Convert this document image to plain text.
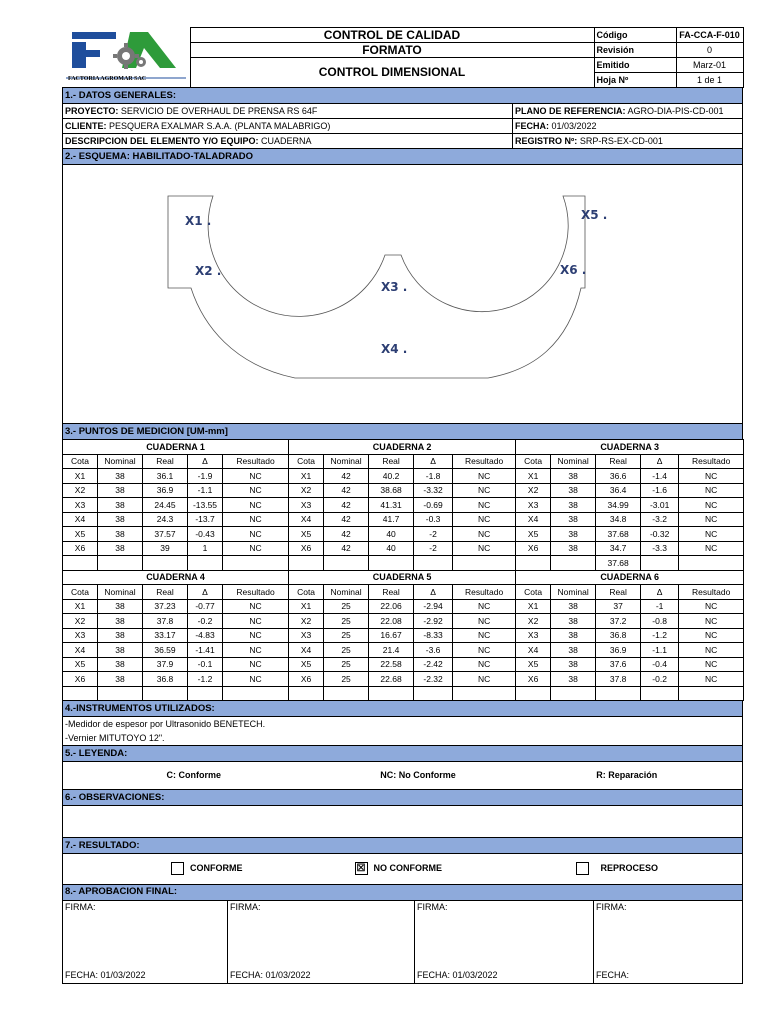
FACTORIA AGROMAR SAC	CONTROL DE CALIDAD	Código	FA-CCA-F-010
	FORMATO	Revisión	0
	CONTROL DIMENSIONAL	Emitido	Marz-01
		Hoja Nº	1 de 1
1.- DATOS GENERALES:	
PROYECTO: SERVICIO DE OVERHAUL DE PRENSA RS 64F	PLANO DE REFERENCIA: AGRO-DIA-PIS-CD-001
CLIENTE: PESQUERA EXALMAR S.A.A. (PLANTA MALABRIGO)	FECHA: 01/03/2022
DESCRIPCION DEL ELEMENTO Y/O EQUIPO: CUADERNA	REGISTRO Nº: SRP-RS-EX-CD-001
2.- ESQUEMA: HABILITADO-TALADRADO

X1 .
X2 .
X3 .
X4 .
X5 .
X6 .
3.- PUNTOS DE MEDICION [UM-mm]
CUADERNA 1					CUADERNA 2					CUADERNA 3				
Cota	Nominal	Real	Δ	Resultado	Cota	Nominal	Real	Δ	Resultado	Cota	Nominal	Real	Δ	Resultado
X1	38	36.1	-1.9	NC	X1	42	40.2	-1.8	NC	X1	38	36.6	-1.4	NC
X2	38	36.9	-1.1	NC	X2	42	38.68	-3.32	NC	X2	38	36.4	-1.6	NC
X3	38	24.45	-13.55	NC	X3	42	41.31	-0.69	NC	X3	38	34.99	-3.01	NC
X4	38	24.3	-13.7	NC	X4	42	41.7	-0.3	NC	X4	38	34.8	-3.2	NC
X5	38	37.57	-0.43	NC	X5	42	40	-2	NC	X5	38	37.68	-0.32	NC
X6	38	39	1	NC	X6	42	40	-2	NC	X6	38	34.7	-3.3	NC
												37.68		
CUADERNA 4					CUADERNA 5					CUADERNA 6				
Cota	Nominal	Real	Δ	Resultado	Cota	Nominal	Real	Δ	Resultado	Cota	Nominal	Real	Δ	Resultado
X1	38	37.23	-0.77	NC	X1	25	22.06	-2.94	NC	X1	38	37	-1	NC
X2	38	37.8	-0.2	NC	X2	25	22.08	-2.92	NC	X2	38	37.2	-0.8	NC
X3	38	33.17	-4.83	NC	X3	25	16.67	-8.33	NC	X3	38	36.8	-1.2	NC
X4	38	36.59	-1.41	NC	X4	25	21.4	-3.6	NC	X4	38	36.9	-1.1	NC
X5	38	37.9	-0.1	NC	X5	25	22.58	-2.42	NC	X5	38	37.6	-0.4	NC
X6	38	36.8	-1.2	NC	X6	25	22.68	-2.32	NC	X6	38	37.8	-0.2	NC

4.-INSTRUMENTOS UTILIZADOS:
-Medidor de espesor por Ultrasonido BENETECH.
-Vernier MITUTOYO 12".
5.- LEYENDA:
C: Conforme	NC: No Conforme	R: Reparación
6.- OBSERVACIONES:

7.- RESULTADO:
CONFORME	☒ NO CONFORME	REPROCESO
8.- APROBACION FINAL:			
FIRMA:	FIRMA:	FIRMA:	FIRMA:
FECHA: 01/03/2022	FECHA: 01/03/2022	FECHA: 01/03/2022	FECHA:
